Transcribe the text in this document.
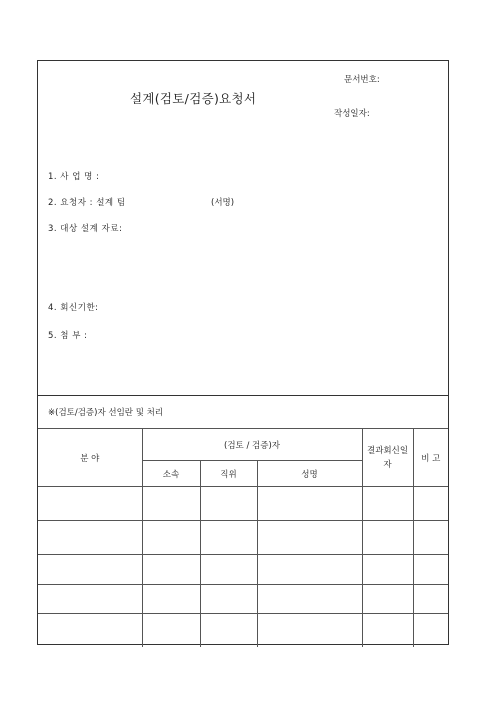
문서번호:
설계(검토/검증)요청서
작성일자:
1. 사 업 명 :
2. 요청자 : 설계 팀	(서명)
3. 대상 설계 자료:
4. 회신기한:
5. 첨 부 :
※(검토/검증)자 선임란 및 처리
분 야	(검토 / 검증)자			결과회신일자	비 고
	소속	직위	성명		
